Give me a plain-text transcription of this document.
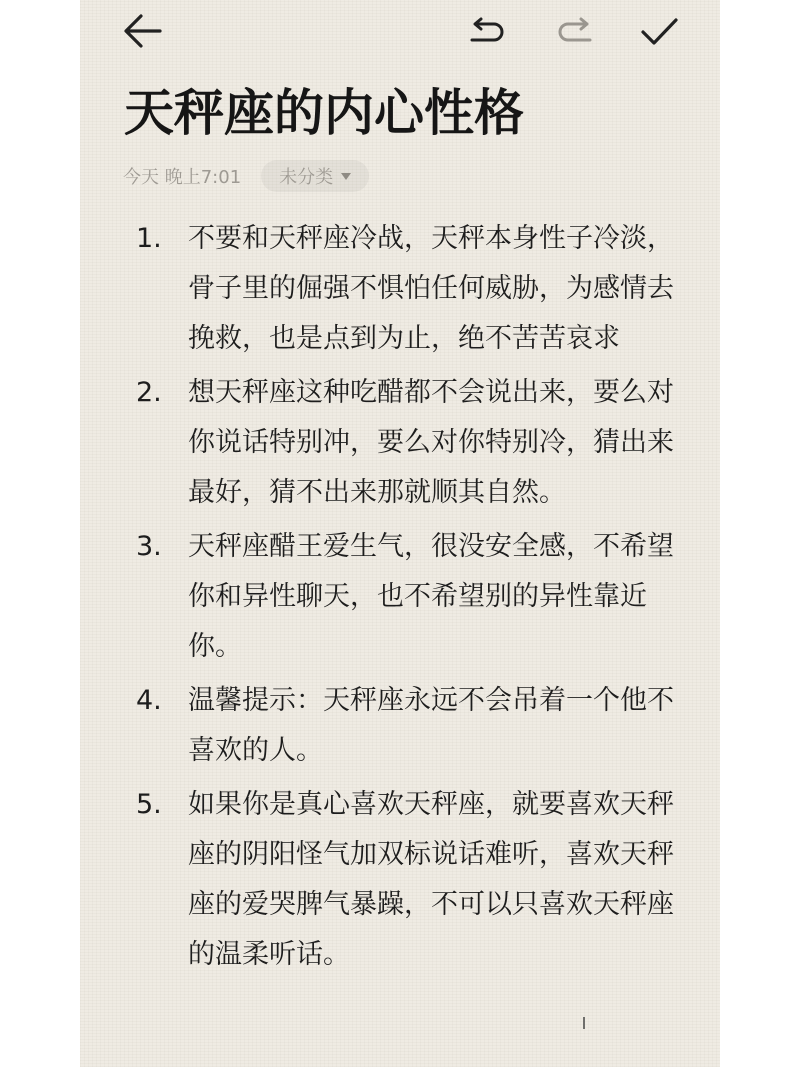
天秤座的内心性格
今天 晚上7:01 未分类
1. 不要和天秤座冷战，天秤本身性子冷淡，骨子里的倔强不惧怕任何威胁，为感情去挽救，也是点到为止，绝不苦苦哀求
2. 想天秤座这种吃醋都不会说出来，要么对你说话特别冲，要么对你特别冷，猜出来最好，猜不出来那就顺其自然。
3. 天秤座醋王爱生气，很没安全感，不希望你和异性聊天，也不希望别的异性靠近你。
4. 温馨提示：天秤座永远不会吊着一个他不喜欢的人。
5. 如果你是真心喜欢天秤座，就要喜欢天秤座的阴阳怪气加双标说话难听，喜欢天秤座的爱哭脾气暴躁，不可以只喜欢天秤座的温柔听话。
